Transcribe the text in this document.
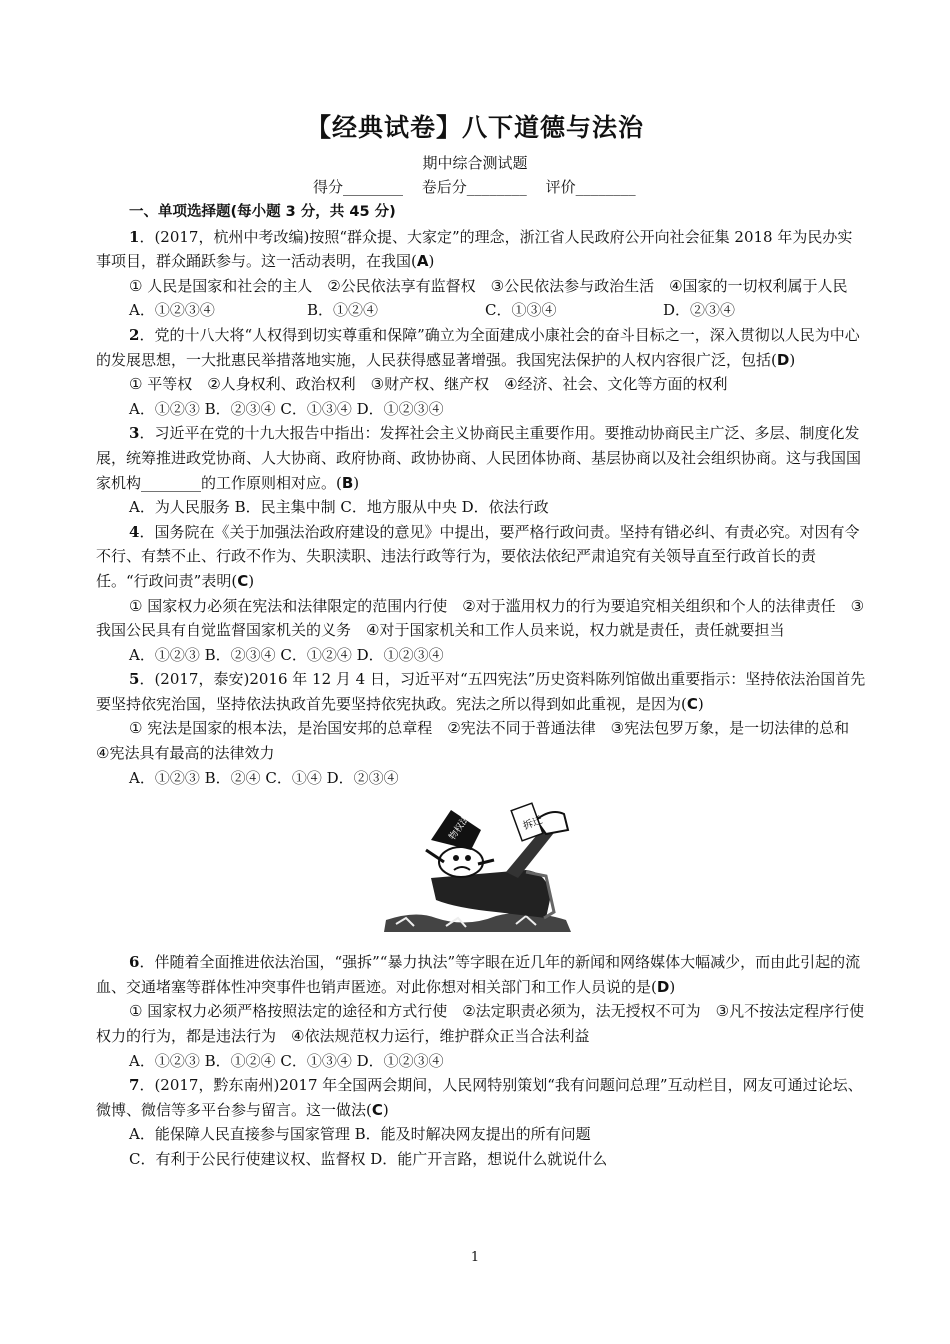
【经典试卷】八下道德与法治
期中综合测试题
得分________ 卷后分________ 评价________

一、单项选择题(每小题 3 分，共 45 分)

1．(2017，杭州中考改编)按照“群众提、大家定”的理念，浙江省人民政府公开向社会征集 2018 年为民办实事项目，群众踊跃参与。这一活动表明，在我国(A)

① 人民是国家和社会的主人　②公民依法享有监督权　③公民依法参与政治生活　④国家的一切权利属于人民

A．①②③④	B．①②④	C．①③④	D．②③④

2．党的十八大将“人权得到切实尊重和保障”确立为全面建成小康社会的奋斗目标之一，深入贯彻以人民为中心的发展思想，一大批惠民举措落地实施，人民获得感显著增强。我国宪法保护的人权内容很广泛，包括(D)

① 平等权　②人身权利、政治权利　③财产权、继产权　④经济、社会、文化等方面的权利

A．①②③ B．②③④ C．①③④ D．①②③④

3．习近平在党的十九大报告中指出：发挥社会主义协商民主重要作用。要推动协商民主广泛、多层、制度化发展，统筹推进政党协商、人大协商、政府协商、政协协商、人民团体协商、基层协商以及社会组织协商。这与我国国家机构________的工作原则相对应。(B)

A．为人民服务 B．民主集中制 C．地方服从中央 D．依法行政

4．国务院在《关于加强法治政府建设的意见》中提出，要严格行政问责。坚持有错必纠、有责必究。对因有令不行、有禁不止、行政不作为、失职渎职、违法行政等行为，要依法依纪严肃追究有关领导直至行政首长的责任。“行政问责”表明(C)

① 国家权力必须在宪法和法律限定的范围内行使　②对于滥用权力的行为要追究相关组织和个人的法律责任　③我国公民具有自觉监督国家机关的义务　④对于国家机关和工作人员来说，权力就是责任，责任就要担当

A．①②③ B．②③④ C．①②④ D．①②③④

5．(2017，泰安)2016 年 12 月 4 日，习近平对“五四宪法”历史资料陈列馆做出重要指示：坚持依法治国首先要坚持依宪治国，坚持依法执政首先要坚持依宪执政。宪法之所以得到如此重视，是因为(C)

① 宪法是国家的根本法，是治国安邦的总章程　②宪法不同于普通法律　③宪法包罗万象，是一切法律的总和　④宪法具有最高的法律效力

A．①②③ B．②④ C．①④ D．②③④

拆迁
物权法

6．伴随着全面推进依法治国，“强拆”“暴力执法”等字眼在近几年的新闻和网络媒体大幅减少，而由此引起的流血、交通堵塞等群体性冲突事件也销声匿迹。对此你想对相关部门和工作人员说的是(D)

① 国家权力必须严格按照法定的途径和方式行使　②法定职责必须为，法无授权不可为　③凡不按法定程序行使权力的行为，都是违法行为　④依法规范权力运行，维护群众正当合法利益

A．①②③ B．①②④ C．①③④ D．①②③④

7．(2017，黔东南州)2017 年全国两会期间，人民网特别策划“我有问题问总理”互动栏目，网友可通过论坛、微博、微信等多平台参与留言。这一做法(C)

A．能保障人民直接参与国家管理 B．能及时解决网友提出的所有问题

C．有利于公民行使建议权、监督权 D．能广开言路，想说什么就说什么

1
